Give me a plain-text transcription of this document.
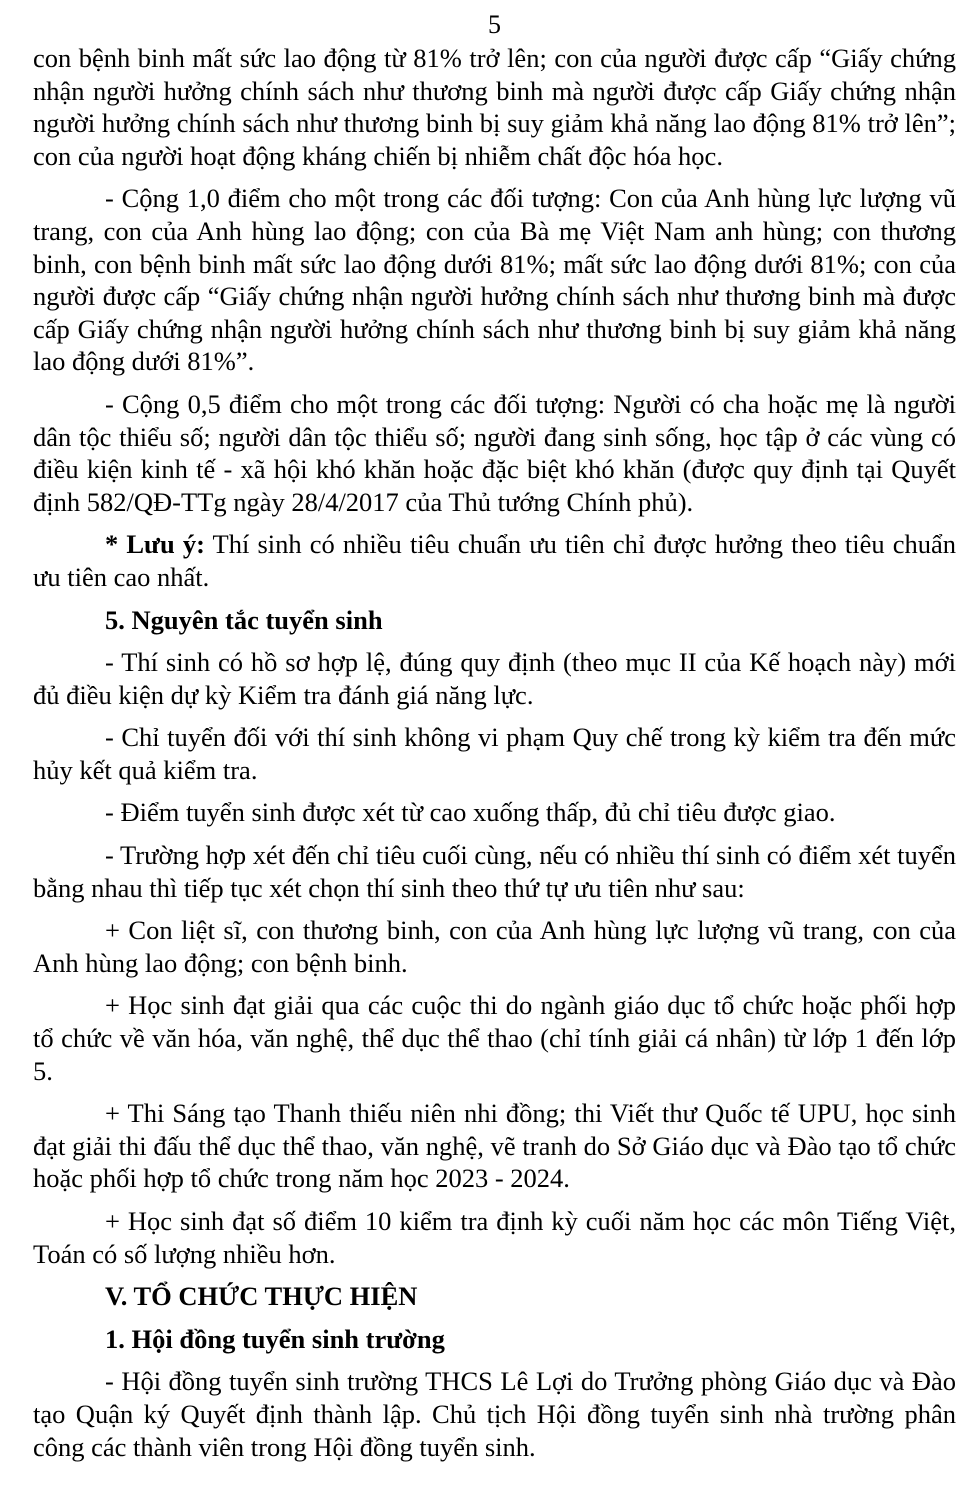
5

con bệnh binh mất sức lao động từ 81% trở lên; con của người được cấp “Giấy chứng nhận người hưởng chính sách như thương binh mà người được cấp Giấy chứng nhận người hưởng chính sách như thương binh bị suy giảm khả năng lao động 81% trở lên”; con của người hoạt động kháng chiến bị nhiễm chất độc hóa học.

- Cộng 1,0 điểm cho một trong các đối tượng: Con của Anh hùng lực lượng vũ trang, con của Anh hùng lao động; con của Bà mẹ Việt Nam anh hùng; con thương binh, con bệnh binh mất sức lao động dưới 81%; mất sức lao động dưới 81%; con của người được cấp “Giấy chứng nhận người hưởng chính sách như thương binh mà được cấp Giấy chứng nhận người hưởng chính sách như thương binh bị suy giảm khả năng lao động dưới 81%”.

- Cộng 0,5 điểm cho một trong các đối tượng: Người có cha hoặc mẹ là người dân tộc thiểu số; người dân tộc thiểu số; người đang sinh sống, học tập ở các vùng có điều kiện kinh tế - xã hội khó khăn hoặc đặc biệt khó khăn (được quy định tại Quyết định 582/QĐ-TTg ngày 28/4/2017 của Thủ tướng Chính phủ).

* Lưu ý: Thí sinh có nhiều tiêu chuẩn ưu tiên chỉ được hưởng theo tiêu chuẩn ưu tiên cao nhất.

5. Nguyên tắc tuyển sinh

- Thí sinh có hồ sơ hợp lệ, đúng quy định (theo mục II của Kế hoạch này) mới đủ điều kiện dự kỳ Kiểm tra đánh giá năng lực.

- Chỉ tuyển đối với thí sinh không vi phạm Quy chế trong kỳ kiểm tra đến mức hủy kết quả kiểm tra.

- Điểm tuyển sinh được xét từ cao xuống thấp, đủ chỉ tiêu được giao.

- Trường hợp xét đến chỉ tiêu cuối cùng, nếu có nhiều thí sinh có điểm xét tuyển bằng nhau thì tiếp tục xét chọn thí sinh theo thứ tự ưu tiên như sau:

+ Con liệt sĩ, con thương binh, con của Anh hùng lực lượng vũ trang, con của Anh hùng lao động; con bệnh binh.

+ Học sinh đạt giải qua các cuộc thi do ngành giáo dục tổ chức hoặc phối hợp tổ chức về văn hóa, văn nghệ, thể dục thể thao (chỉ tính giải cá nhân) từ lớp 1 đến lớp 5.

+ Thi Sáng tạo Thanh thiếu niên nhi đồng; thi Viết thư Quốc tế UPU, học sinh đạt giải thi đấu thể dục thể thao, văn nghệ, vẽ tranh do Sở Giáo dục và Đào tạo tổ chức hoặc phối hợp tổ chức trong năm học 2023 - 2024.

+ Học sinh đạt số điểm 10 kiểm tra định kỳ cuối năm học các môn Tiếng Việt, Toán có số lượng nhiều hơn.

V. TỔ CHỨC THỰC HIỆN

1. Hội đồng tuyển sinh trường

- Hội đồng tuyển sinh trường THCS Lê Lợi do Trưởng phòng Giáo dục và Đào tạo Quận ký Quyết định thành lập. Chủ tịch Hội đồng tuyển sinh nhà trường phân công các thành viên trong Hội đồng tuyển sinh.
